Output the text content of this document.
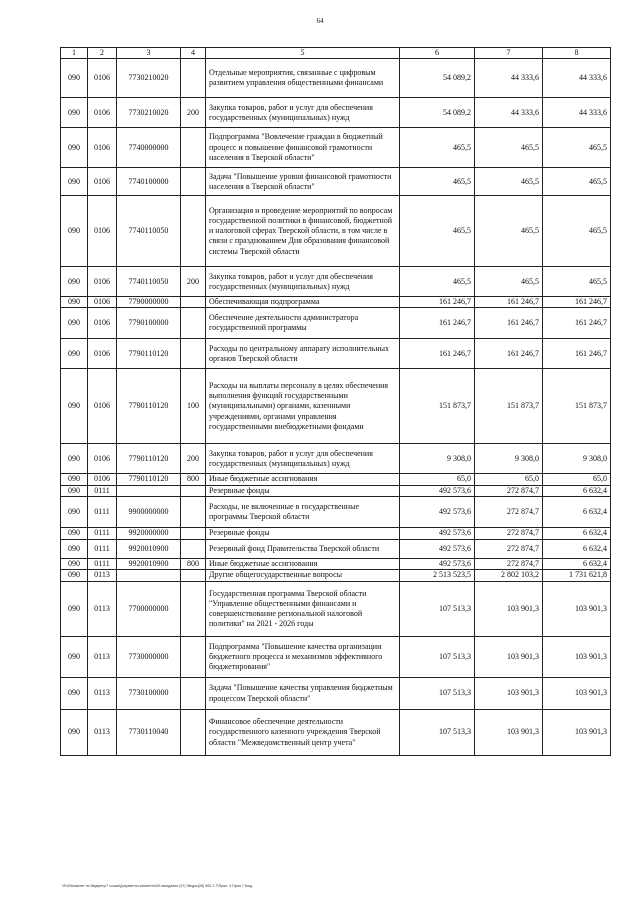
64
1	2	3	4	5	6	7	8
090	0106	7730210020		Отдельные мероприятия, связанные с цифровым развитием управления общественными финансами	54 089,2	44 333,6	44 333,6
090	0106	7730210020	200	Закупка товаров, работ и услуг для обеспечения государственных (муниципальных) нужд	54 089,2	44 333,6	44 333,6
090	0106	7740000000		Подпрограмма "Вовлечение граждан в бюджетный процесс и повышение финансовой грамотности населения в Тверской области"	465,5	465,5	465,5
090	0106	7740100000		Задача "Повышение уровня финансовой грамотности населения в Тверской области"	465,5	465,5	465,5
090	0106	7740110050		Организация и проведение мероприятий по вопросам государственной политики в финансовой, бюджетной и налоговой сферах Тверской области, в том числе в связи с празднованием Дня образования финансовой системы Тверской области	465,5	465,5	465,5
090	0106	7740110050	200	Закупка товаров, работ и услуг для обеспечения государственных (муниципальных) нужд	465,5	465,5	465,5
090	0106	7790000000		Обеспечивающая подпрограмма	161 246,7	161 246,7	161 246,7
090	0106	7790100000		Обеспечение деятельности администратора государственной программы	161 246,7	161 246,7	161 246,7
090	0106	7790110120		Расходы по центральному аппарату исполнительных органов Тверской области	161 246,7	161 246,7	161 246,7
090	0106	7790110120	100	Расходы на выплаты персоналу в целях обеспечения выполнения функций государственными (муниципальными) органами, казенными учреждениями, органами управления государственными внебюджетными фондами	151 873,7	151 873,7	151 873,7
090	0106	7790110120	200	Закупка товаров, работ и услуг для обеспечения государственных (муниципальных) нужд	9 308,0	9 308,0	9 308,0
090	0106	7790110120	800	Иные бюджетные ассигнования	65,0	65,0	65,0
090	0111			Резервные фонды	492 573,6	272 874,7	6 632,4
090	0111	9900000000		Расходы, не включенные в государственные программы Тверской области	492 573,6	272 874,7	6 632,4
090	0111	9920000000		Резервные фонды	492 573,6	272 874,7	6 632,4
090	0111	9920010900		Резервный фонд Правительства Тверской области	492 573,6	272 874,7	6 632,4
090	0111	9920010900	800	Иные бюджетные ассигнования	492 573,6	272 874,7	6 632,4
090	0113			Другие общегосударственные вопросы	2 513 523,5	2 802 103,2	1 731 621,8
090	0113	7700000000		Государственная программа Тверской области "Управление общественными финансами и совершенствование региональной налоговой политики" на 2021 - 2026 годы	107 513,3	103 901,3	103 901,3
090	0113	7730000000		Подпрограмма "Повышение качества организации бюджетного процесса и механизмов эффективного бюджетирования"	107 513,3	103 901,3	103 901,3
090	0113	7730100000		Задача "Повышение качества управления бюджетным процессом Тверской области"	107 513,3	103 901,3	103 901,3
090	0113	7730110040		Финансовое обеспечение деятельности государственного казенного учреждения Тверской области "Межведомственный центр учета"	107 513,3	103 901,3	103 901,3
\\Fs0\Комитет по бюджету\7 созыв\Документы комитета\28 заседание (07) \Ведос(28) 500-7-7\Прил. 4 Прил 7 Бюд.
